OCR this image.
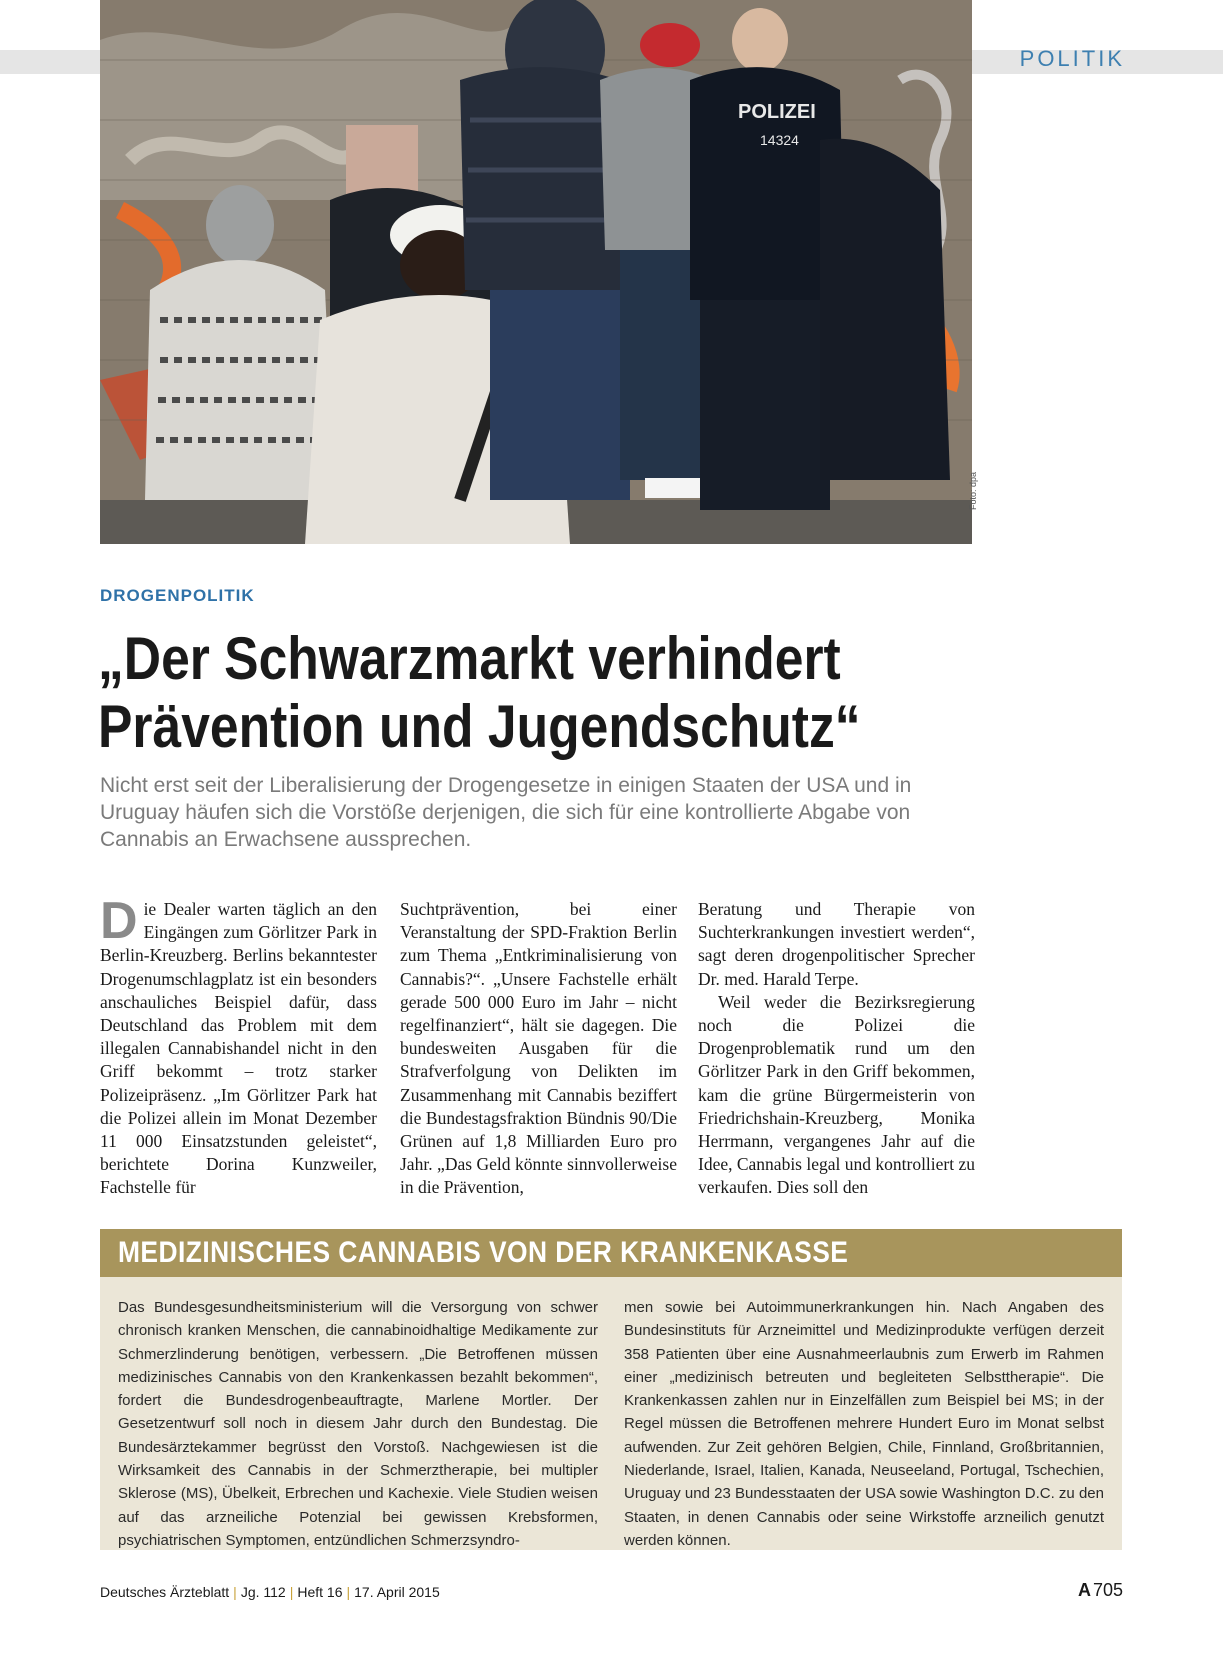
POLITIK
POLIZEI
14324
Foto: dpa
DROGENPOLITIK
„Der Schwarzmarkt verhindert
Prävention und Jugendschutz“

Nicht erst seit der Liberalisierung der Drogengesetze in einigen Staaten der USA und in Uruguay häufen sich die Vorstöße derjenigen, die sich für eine kontrollierte Abgabe von Cannabis an Erwachsene aussprechen.

Die Dealer warten täglich an den Eingängen zum Görlitzer Park in Berlin-Kreuzberg. Berlins bekanntester Drogenumschlagplatz ist ein besonders anschauliches Beispiel dafür, dass Deutschland das Problem mit dem illegalen Cannabishandel nicht in den Griff bekommt – trotz starker Polizeipräsenz. „Im Görlitzer Park hat die Polizei allein im Monat Dezember 11 000 Einsatzstunden geleistet“, berichtete Dorina Kunzweiler, Fachstelle für

Suchtprävention, bei einer Veranstaltung der SPD-Fraktion Berlin zum Thema „Entkriminalisierung von Cannabis?“. „Unsere Fachstelle erhält gerade 500 000 Euro im Jahr – nicht regelfinanziert“, hält sie dagegen. Die bundesweiten Ausgaben für die Strafverfolgung von Delikten im Zusammenhang mit Cannabis beziffert die Bundestagsfraktion Bündnis 90/Die Grünen auf 1,8 Milliarden Euro pro Jahr. „Das Geld könnte sinnvollerweise in die Prävention,

Beratung und Therapie von Suchterkrankungen investiert werden“, sagt deren drogenpolitischer Sprecher Dr. med. Harald Terpe.

Weil weder die Bezirksregierung noch die Polizei die Drogenproblematik rund um den Görlitzer Park in den Griff bekommen, kam die grüne Bürgermeisterin von Friedrichshain-Kreuzberg, Monika Herrmann, vergangenes Jahr auf die Idee, Cannabis legal und kontrolliert zu verkaufen. Dies soll den

MEDIZINISCHES CANNABIS VON DER KRANKENKASSE

Das Bundesgesundheitsministerium will die Versorgung von schwer chronisch kranken Menschen, die cannabinoidhaltige Medikamente zur Schmerzlinderung benötigen, verbessern. „Die Betroffenen müssen medizinisches Cannabis von den Krankenkassen bezahlt bekommen“, fordert die Bundesdrogenbeauftragte, Marlene Mortler. Der Gesetzentwurf soll noch in diesem Jahr durch den Bundestag. Die Bundesärztekammer begrüsst den Vorstoß. Nachgewiesen ist die Wirksamkeit des Cannabis in der Schmerztherapie, bei multipler Sklerose (MS), Übelkeit, Erbrechen und Kachexie. Viele Studien weisen auf das arzneiliche Potenzial bei gewissen Krebsformen, psychiatrischen Symptomen, entzündlichen Schmerzsyndro-

men sowie bei Autoimmunerkrankungen hin. Nach Angaben des Bundesinstituts für Arzneimittel und Medizinprodukte verfügen derzeit 358 Patienten über eine Ausnahmeerlaubnis zum Erwerb im Rahmen einer „medizinisch betreuten und begleiteten Selbsttherapie“. Die Krankenkassen zahlen nur in Einzelfällen zum Beispiel bei MS; in der Regel müssen die Betroffenen mehrere Hundert Euro im Monat selbst aufwenden. Zur Zeit gehören Belgien, Chile, Finnland, Großbritannien, Niederlande, Israel, Italien, Kanada, Neuseeland, Portugal, Tschechien, Uruguay und 23 Bundesstaaten der USA sowie Washington D.C. zu den Staaten, in denen Cannabis oder seine Wirkstoffe arzneilich genutzt werden können.

Deutsches Ärzteblatt | Jg. 112 | Heft 16 | 17. April 2015	A 705
